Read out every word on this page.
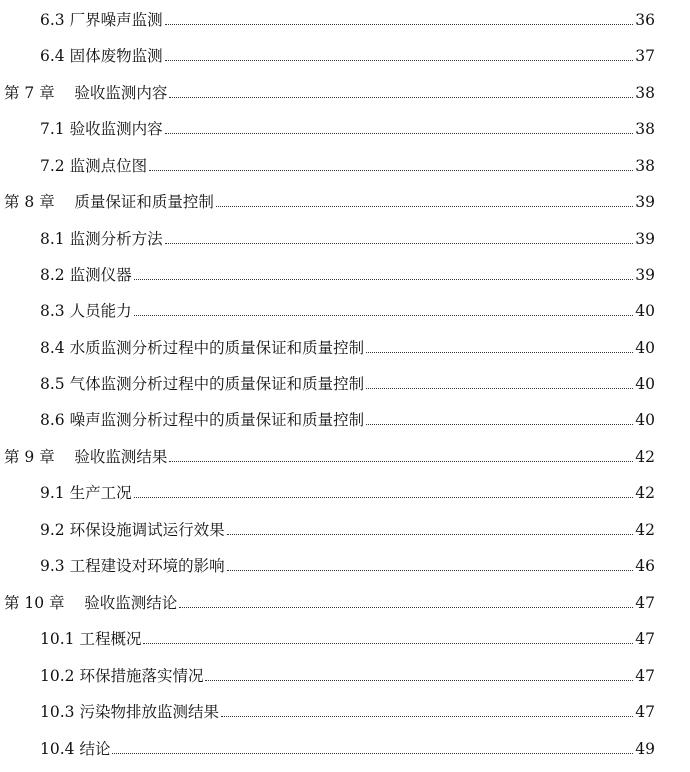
6.3 厂界噪声监测	36
6.4 固体废物监测	37
第 7 章    验收监测内容	38
7.1 验收监测内容	38
7.2 监测点位图	38
第 8 章    质量保证和质量控制	39
8.1 监测分析方法	39
8.2 监测仪器	39
8.3 人员能力	40
8.4 水质监测分析过程中的质量保证和质量控制	40
8.5 气体监测分析过程中的质量保证和质量控制	40
8.6 噪声监测分析过程中的质量保证和质量控制	40
第 9 章    验收监测结果	42
9.1 生产工况	42
9.2 环保设施调试运行效果	42
9.3 工程建设对环境的影响	46
第 10 章    验收监测结论	47
10.1 工程概况	47
10.2 环保措施落实情况	47
10.3 污染物排放监测结果	47
10.4 结论	49
